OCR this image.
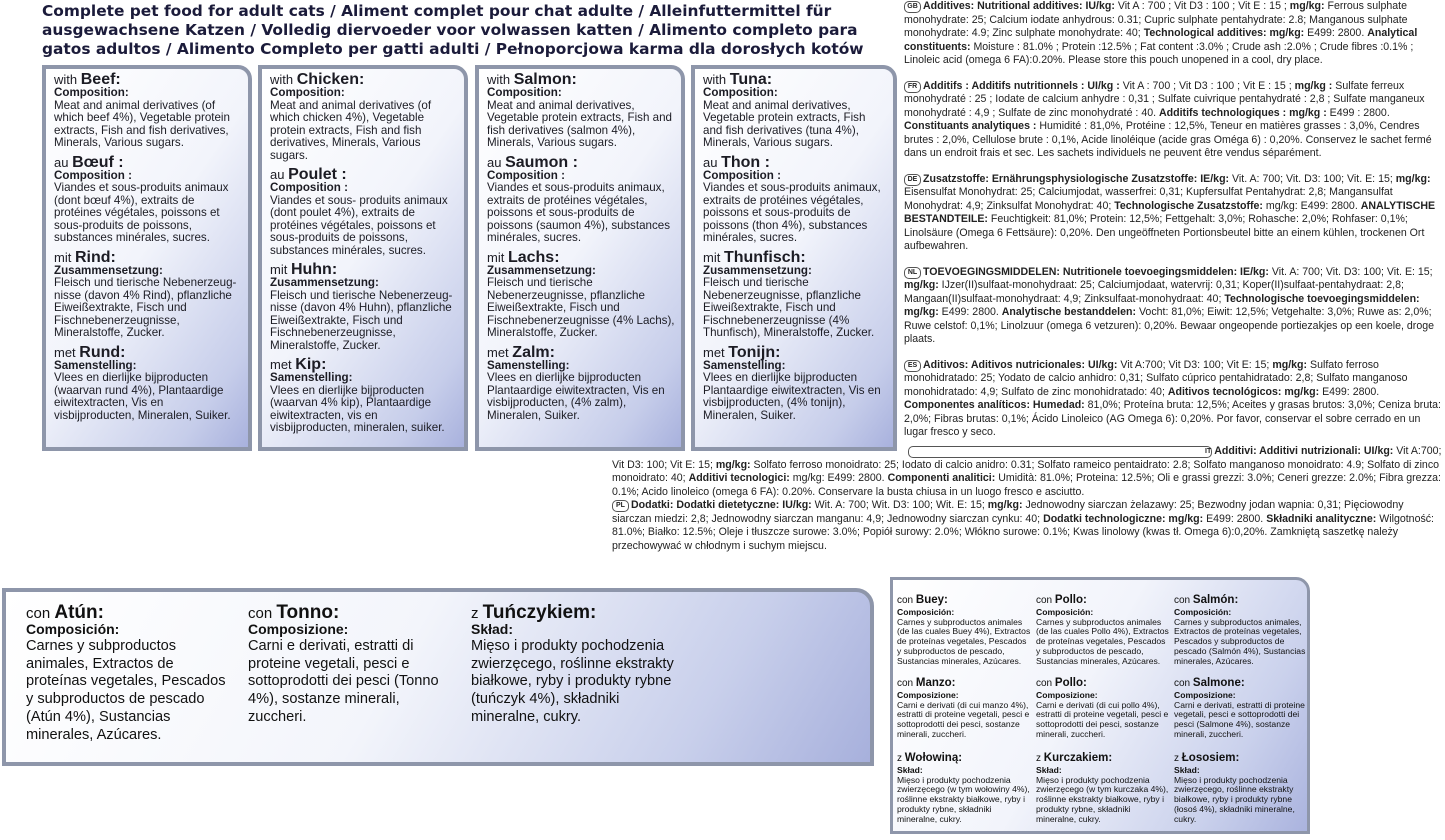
Complete pet food for adult cats / Aliment complet pour chat adulte / Alleinfuttermittel für ausgewachsene Katzen / Volledig diervoeder voor volwassen katten / Alimento completo para gatos adultos / Alimento Completo per gatti adulti / Pełnoporcjowa karma dla dorosłych kotów
with Beef:
Composition:
Meat and animal derivatives (of which beef 4%), Vegetable protein extracts, Fish and fish derivatives, Minerals, Various sugars.
au Bœuf :
Composition :
Viandes et sous-produits animaux (dont bœuf 4%), extraits de protéines végétales, poissons et sous-produits de poissons, substances minérales, sucres.
mit Rind:
Zusammensetzung:
Fleisch und tierische Nebenerzeug-nisse (davon 4% Rind), pflanzliche Eiweißextrakte, Fisch und Fischnebenerzeugnisse, Mineralstoffe, Zucker.
met Rund:
Samenstelling:
Vlees en dierlijke bijproducten (waarvan rund 4%), Plantaardige eiwitextracten, Vis en visbijproducten, Mineralen, Suiker.
with Chicken:
Composition:
Meat and animal derivatives (of which chicken 4%), Vegetable protein extracts, Fish and fish derivatives, Minerals, Various sugars.
au Poulet :
Composition :
Viandes et sous- produits animaux (dont poulet 4%), extraits de protéines végétales, poissons et sous-produits de poissons, substances minérales, sucres.
mit Huhn:
Zusammensetzung:
Fleisch und tierische Nebenerzeug-nisse (davon 4% Huhn), pflanzliche Eiweißextrakte, Fisch und Fischnebenerzeugnisse, Mineralstoffe, Zucker.
met Kip:
Samenstelling:
Vlees en dierlijke bijproducten (waarvan 4% kip), Plantaardige eiwitextracten, vis en visbijproducten, mineralen, suiker.
with Salmon:
Composition:
Meat and animal derivatives, Vegetable protein extracts, Fish and fish derivatives (salmon 4%), Minerals, Various sugars.
au Saumon :
Composition :
Viandes et sous-produits animaux, extraits de protéines végétales, poissons et sous-produits de poissons (saumon 4%), substances minérales, sucres.
mit Lachs:
Zusammensetzung:
Fleisch und tierische Nebenerzeugnisse, pflanzliche Eiweißextrakte, Fisch und Fischnebenerzeugnisse (4% Lachs), Mineralstoffe, Zucker.
met Zalm:
Samenstelling:
Vlees en dierlijke bijproducten Plantaardige eiwitextracten, Vis en visbijproducten, (4% zalm), Mineralen, Suiker.
with Tuna:
Composition:
Meat and animal derivatives, Vegetable protein extracts, Fish and fish derivatives (tuna 4%), Minerals, Various sugars.
au Thon :
Composition :
Viandes et sous-produits animaux, extraits de protéines végétales, poissons et sous-produits de poissons (thon 4%), substances minérales, sucres.
mit Thunfisch:
Zusammensetzung:
Fleisch und tierische Nebenerzeugnisse, pflanzliche Eiweißextrakte, Fisch und Fischnebenerzeugnisse (4% Thunfisch), Mineralstoffe, Zucker.
met Tonijn:
Samenstelling:
Vlees en dierlijke bijproducten Plantaardige eiwitextracten, Vis en visbijproducten, (4% tonijn), Mineralen, Suiker.
GB Additives: Nutritional additives: IU/kg: Vit A : 700 ; Vit D3 : 100 ; Vit E : 15 ; mg/kg: Ferrous sulphate monohydrate: 25; Calcium iodate anhydrous: 0.31; Cupric sulphate pentahydrate: 2.8; Manganous sulphate monohydrate: 4.9; Zinc sulphate monohydrate: 40; Technological additives: mg/kg: E499: 2800. Analytical constituents: Moisture : 81.0% ; Protein :12.5% ; Fat content :3.0% ; Crude ash :2.0% ; Crude fibres :0.1% ; Linoleic acid (omega 6 FA):0.20%. Please store this pouch unopened in a cool, dry place.
FR Additifs : Additifs nutritionnels : UI/kg : Vit A : 700 ; Vit D3 : 100 ; Vit E : 15 ; mg/kg : Sulfate ferreux monohydraté : 25 ; Iodate de calcium anhydre : 0,31 ; Sulfate cuivrique pentahydraté : 2,8 ; Sulfate manganeux monohydraté : 4,9 ; Sulfate de zinc monohydraté : 40. Additifs technologiques : mg/kg : E499 : 2800. Constituants analytiques : Humidité : 81,0%, Protéine : 12,5%, Teneur en matières grasses : 3,0%, Cendres brutes : 2,0%, Cellulose brute : 0,1%, Acide linoléique (acide gras Oméga 6) : 0,20%. Conservez le sachet fermé dans un endroit frais et sec. Les sachets individuels ne peuvent être vendus séparément.
DE Zusatzstoffe: Ernährungsphysiologische Zusatzstoffe: IE/kg: Vit. A: 700; Vit. D3: 100; Vit. E: 15; mg/kg: Eisensulfat Monohydrat: 25; Calciumjodat, wasserfrei: 0,31; Kupfersulfat Pentahydrat: 2,8; Mangansulfat Monohydrat: 4,9; Zinksulfat Monohydrat: 40; Technologische Zusatzstoffe: mg/kg: E499: 2800. ANALYTISCHE BESTANDTEILE: Feuchtigkeit: 81,0%; Protein: 12,5%; Fettgehalt: 3,0%; Rohasche: 2,0%; Rohfaser: 0,1%; Linolsäure (Omega 6 Fettsäure): 0,20%. Den ungeöffneten Portionsbeutel bitte an einem kühlen, trockenen Ort aufbewahren.
NL TOEVOEGINGSMIDDELEN: Nutritionele toevoegingsmiddelen: IE/kg: Vit. A: 700; Vit. D3: 100; Vit. E: 15; mg/kg: IJzer(II)sulfaat-monohydraat: 25; Calciumjodaat, watervrij: 0,31; Koper(II)sulfaat-pentahydraat: 2,8; Mangaan(II)sulfaat-monohydraat: 4,9; Zinksulfaat-monohydraat: 40; Technologische toevoegingsmiddelen: mg/kg: E499: 2800. Analytische bestanddelen: Vocht: 81,0%; Eiwit: 12,5%; Vetgehalte: 3,0%; Ruwe as: 2,0%; Ruwe celstof: 0,1%; Linolzuur (omega 6 vetzuren): 0,20%. Bewaar ongeopende portiezakjes op een koele, droge plaats.
ES Aditivos: Aditivos nutricionales: UI/kg: Vit A:700; Vit D3: 100; Vit E: 15; mg/kg: Sulfato ferroso monohidratado: 25; Yodato de calcio anhidro: 0,31; Sulfato cúprico pentahidratado: 2,8; Sulfato manganoso monohidratado: 4,9; Sulfato de zinc monohidratado: 40; Aditivos tecnológicos: mg/kg: E499: 2800. Componentes analíticos: Humedad: 81,0%; Proteína bruta: 12,5%; Aceites y grasas brutos: 3,0%; Ceniza bruta: 2,0%; Fibras brutas: 0,1%; Ácido Linoleico (AG Omega 6): 0,20%. Por favor, conservar el sobre cerrado en un lugar fresco y seco.
IT Additivi: Additivi nutrizionali: UI/kg: Vit A:700; Vit D3: 100; Vit E: 15; mg/kg: Solfato ferroso monoidrato: 25; Iodato di calcio anidro: 0.31; Solfato rameico pentaidrato: 2.8; Solfato manganoso monoidrato: 4.9; Solfato di zinco monoidrato: 40; Additivi tecnologici: mg/kg: E499: 2800. Componenti analitici: Umidità: 81.0%; Proteina: 12.5%; Oli e grassi grezzi: 3.0%; Ceneri grezze: 2.0%; Fibra grezza: 0.1%; Acido linoleico (omega 6 FA): 0.20%. Conservare la busta chiusa in un luogo fresco e asciutto.
PL Dodatki: Dodatki dietetyczne: IU/kg: Wit. A: 700; Wit. D3: 100; Wit. E: 15; mg/kg: Jednowodny siarczan żelazawy: 25; Bezwodny jodan wapnia: 0,31; Pięciowodny siarczan miedzi: 2,8; Jednowodny siarczan manganu: 4,9; Jednowodny siarczan cynku: 40; Dodatki technologiczne: mg/kg: E499: 2800. Składniki analityczne: Wilgotność: 81.0%; Białko: 12.5%; Oleje i tłuszcze surowe: 3.0%; Popiół surowy: 2.0%; Włókno surowe: 0.1%; Kwas linolowy (kwas tł. Omega 6):0,20%. Zamkniętą saszetkę należy przechowywać w chłodnym i suchym miejscu.
con Atún:
Composición:
Carnes y subproductos animales, Extractos de proteínas vegetales, Pescados y subproductos de pescado (Atún 4%), Sustancias minerales, Azúcares.
con Tonno:
Composizione:
Carni e derivati, estratti di proteine vegetali, pesci e sottoprodotti dei pesci (Tonno 4%), sostanze minerali, zuccheri.
z Tuńczykiem:
Skład:
Mięso i produkty pochodzenia zwierzęcego, roślinne ekstrakty białkowe, ryby i produkty rybne (tuńczyk 4%), składniki mineralne, cukry.
con Buey:
Composición:
Carnes y subproductos animales (de las cuales Buey 4%), Extractos de proteínas vegetales, Pescados y subproductos de pescado, Sustancias minerales, Azúcares.
con Pollo:
Composición:
Carnes y subproductos animales (de las cuales Pollo 4%), Extractos de proteínas vegetales, Pescados y subproductos de pescado, Sustancias minerales, Azúcares.
con Salmón:
Composición:
Carnes y subproductos animales, Extractos de proteínas vegetales, Pescados y subproductos de pescado (Salmón 4%), Sustancias minerales, Azúcares.
con Manzo:
Composizione:
Carni e derivati (di cui manzo 4%), estratti di proteine vegetali, pesci e sottoprodotti dei pesci, sostanze minerali, zuccheri.
con Pollo:
Composizione:
Carni e derivati (di cui pollo 4%), estratti di proteine vegetali, pesci e sottoprodotti dei pesci, sostanze minerali, zuccheri.
con Salmone:
Composizione:
Carni e derivati, estratti di proteine vegetali, pesci e sottoprodotti dei pesci (Salmone 4%), sostanze minerali, zuccheri.
z Wołowiną:
Skład:
Mięso i produkty pochodzenia zwierzęcego (w tym wołowiny 4%), roślinne ekstrakty białkowe, ryby i produkty rybne, składniki mineralne, cukry.
z Kurczakiem:
Skład:
Mięso i produkty pochodzenia zwierzęcego (w tym kurczaka 4%), roślinne ekstrakty białkowe, ryby i produkty rybne, składniki mineralne, cukry.
z Łososiem:
Skład:
Mięso i produkty pochodzenia zwierzęcego, roślinne ekstrakty białkowe, ryby i produkty rybne (łosoś 4%), składniki mineralne, cukry.
